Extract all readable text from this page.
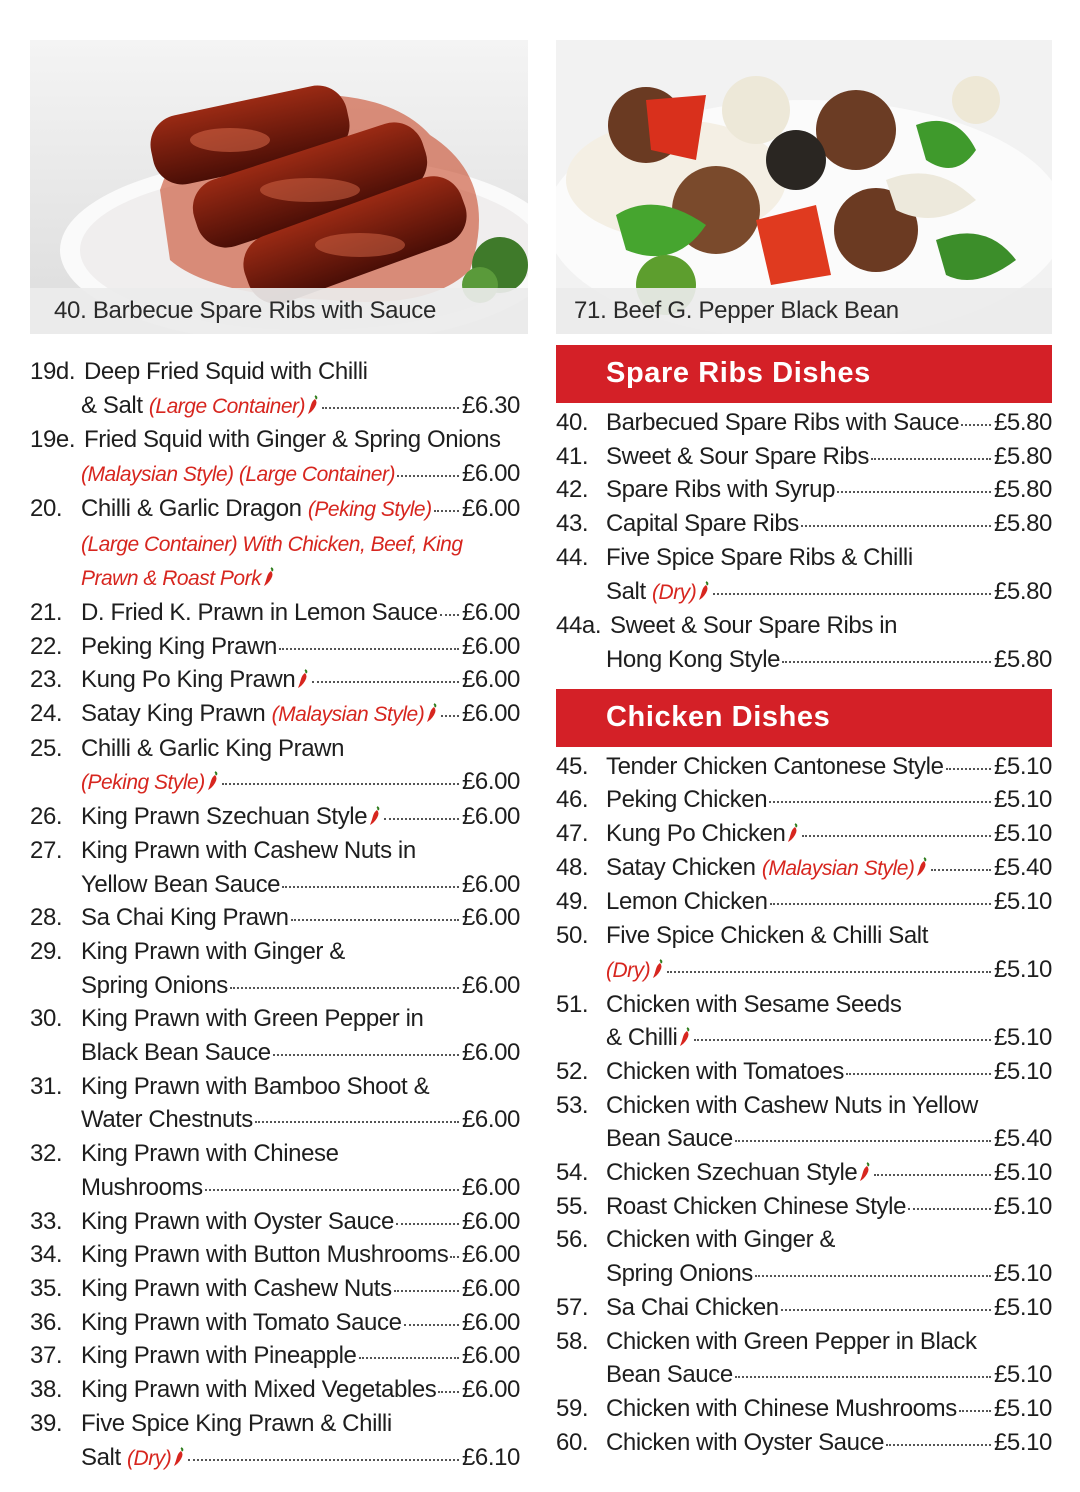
40. Barbecue Spare Ribs with Sauce	71. Beef G. Pepper Black Bean
19d. Deep Fried Squid with Chilli
& Salt (Large Container)	£6.30
19e. Fried Squid with Ginger & Spring Onions
(Malaysian Style) (Large Container)	£6.00
20. Chilli & Garlic Dragon (Peking Style) £6.00
(Large Container) With Chicken, Beef, King
Prawn & Roast Pork
21. D. Fried K. Prawn in Lemon Sauce £6.00
22. Peking King Prawn	£6.00
23. Kung Po King Prawn	£6.00
24. Satay King Prawn (Malaysian Style)	£6.00
25. Chilli & Garlic King Prawn
(Peking Style)	£6.00
26. King Prawn Szechuan Style	£6.00
27. King Prawn with Cashew Nuts in
Yellow Bean Sauce	£6.00
28. Sa Chai King Prawn	£6.00
29. King Prawn with Ginger &
Spring Onions	£6.00
30. King Prawn with Green Pepper in
Black Bean Sauce	£6.00
31. King Prawn with Bamboo Shoot &
Water Chestnuts	£6.00
32. King Prawn with Chinese
Mushrooms	£6.00
33. King Prawn with Oyster Sauce	£6.00
34. King Prawn with Button Mushrooms £6.00
35. King Prawn with Cashew Nuts	£6.00
36. King Prawn with Tomato Sauce	£6.00
37. King Prawn with Pineapple	£6.00
38. King Prawn with Mixed Vegetables £6.00
39. Five Spice King Prawn & Chilli
Salt (Dry)	£6.10
Spare Ribs Dishes
40. Barbecued Spare Ribs with Sauce £5.80
41. Sweet & Sour Spare Ribs	£5.80
42. Spare Ribs with Syrup	£5.80
43. Capital Spare Ribs	£5.80
44. Five Spice Spare Ribs & Chilli
Salt (Dry)	£5.80
44a. Sweet & Sour Spare Ribs in
Hong Kong Style	£5.80
Chicken Dishes
45. Tender Chicken Cantonese Style £5.10
46. Peking Chicken	£5.10
47. Kung Po Chicken	£5.10
48. Satay Chicken (Malaysian Style)	£5.40
49. Lemon Chicken	£5.10
50. Five Spice Chicken & Chilli Salt
(Dry)	£5.10
51. Chicken with Sesame Seeds
& Chilli	£5.10
52. Chicken with Tomatoes	£5.10
53. Chicken with Cashew Nuts in Yellow
Bean Sauce	£5.40
54. Chicken Szechuan Style	£5.10
55. Roast Chicken Chinese Style	£5.10
56. Chicken with Ginger &
Spring Onions	£5.10
57. Sa Chai Chicken	£5.10
58. Chicken with Green Pepper in Black
Bean Sauce	£5.10
59. Chicken with Chinese Mushrooms £5.10
60. Chicken with Oyster Sauce	£5.10
